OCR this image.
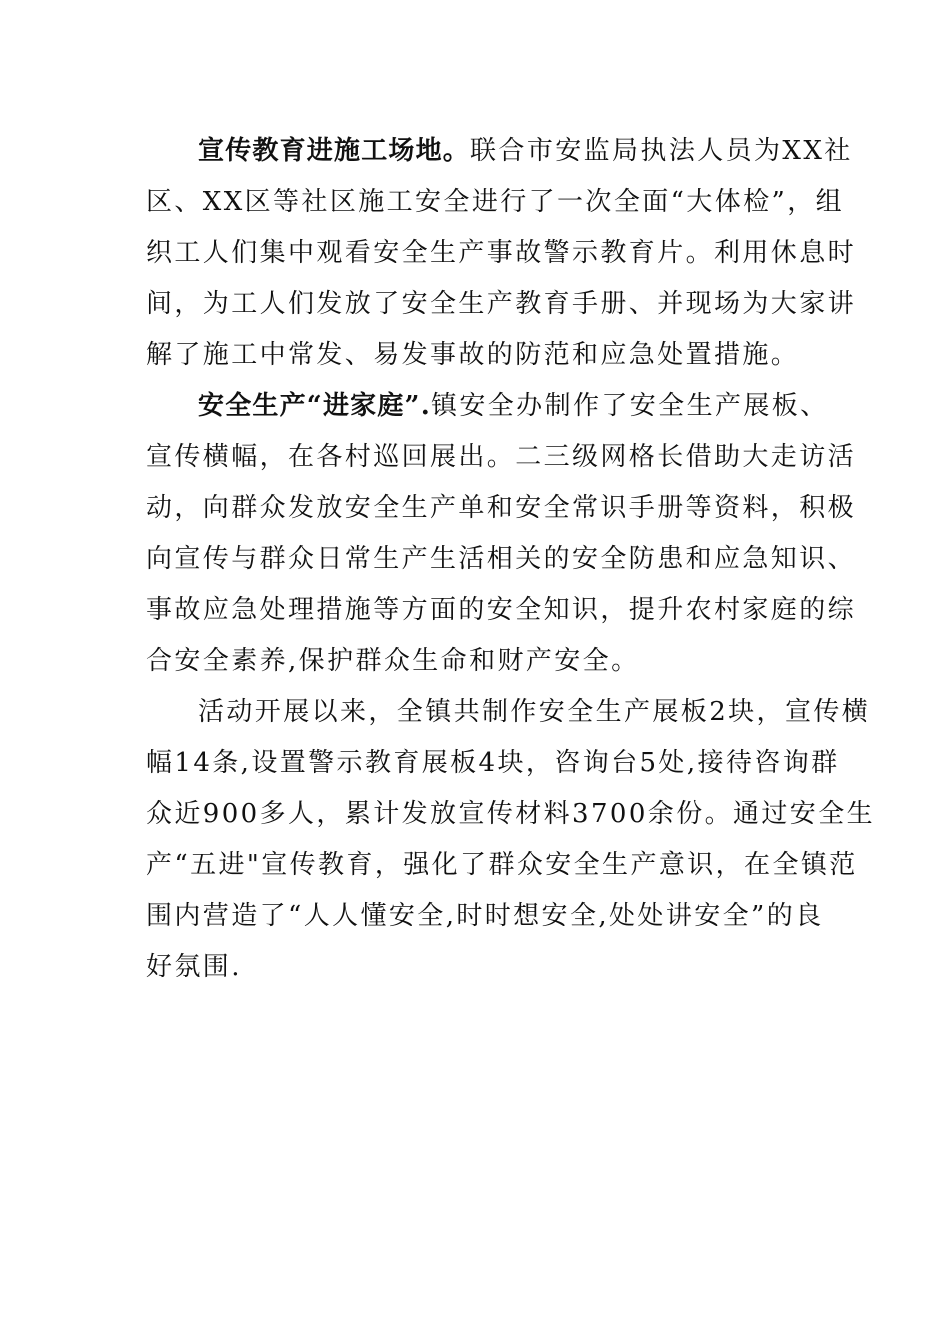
宣传教育进施工场地。联合市安监局执法人员为XX社
区、XX区等社区施工安全进行了一次全面“大体检”，组
织工人们集中观看安全生产事故警示教育片。利用休息时
间，为工人们发放了安全生产教育手册、并现场为大家讲
解了施工中常发、易发事故的防范和应急处置措施。
安全生产“进家庭”.镇安全办制作了安全生产展板、
宣传横幅，在各村巡回展出。二三级网格长借助大走访活
动，向群众发放安全生产单和安全常识手册等资料，积极
向宣传与群众日常生产生活相关的安全防患和应急知识、
事故应急处理措施等方面的安全知识，提升农村家庭的综
合安全素养,保护群众生命和财产安全。
活动开展以来，全镇共制作安全生产展板2块，宣传横
幅14条,设置警示教育展板4块，咨询台5处,接待咨询群
众近900多人，累计发放宣传材料3700余份。通过安全生
产“五进"宣传教育，强化了群众安全生产意识，在全镇范
围内营造了“人人懂安全,时时想安全,处处讲安全”的良
好氛围.
